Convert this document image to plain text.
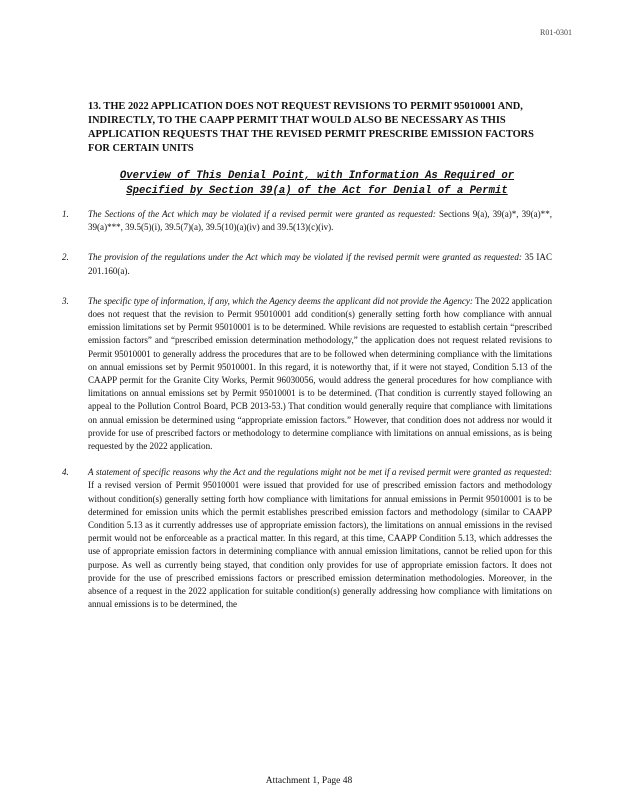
R01-0301

13. THE 2022 APPLICATION DOES NOT REQUEST REVISIONS TO PERMIT 95010001 AND, INDIRECTLY, TO THE CAAPP PERMIT THAT WOULD ALSO BE NECESSARY AS THIS APPLICATION REQUESTS THAT THE REVISED PERMIT PRESCRIBE EMISSION FACTORS FOR CERTAIN UNITS

Overview of This Denial Point, with Information As Required or Specified by Section 39(a) of the Act for Denial of a Permit

1. The Sections of the Act which may be violated if a revised permit were granted as requested: Sections 9(a), 39(a)*, 39(a)**, 39(a)***, 39.5(5)(i), 39.5(7)(a), 39.5(10)(a)(iv) and 39.5(13)(c)(iv).
2. The provision of the regulations under the Act which may be violated if the revised permit were granted as requested: 35 IAC 201.160(a).
3. The specific type of information, if any, which the Agency deems the applicant did not provide the Agency: The 2022 application does not request that the revision to Permit 95010001 add condition(s) generally setting forth how compliance with annual emission limitations set by Permit 95010001 is to be determined. While revisions are requested to establish certain “prescribed emission factors” and “prescribed emission determination methodology,” the application does not request related revisions to Permit 95010001 to generally address the procedures that are to be followed when determining compliance with the limitations on annual emissions set by Permit 95010001. In this regard, it is noteworthy that, if it were not stayed, Condition 5.13 of the CAAPP permit for the Granite City Works, Permit 96030056, would address the general procedures for how compliance with limitations on annual emissions set by Permit 95010001 is to be determined. (That condition is currently stayed following an appeal to the Pollution Control Board, PCB 2013-53.) That condition would generally require that compliance with limitations on annual emission be determined using “appropriate emission factors.” However, that condition does not address nor would it provide for use of prescribed factors or methodology to determine compliance with limitations on annual emissions, as is being requested by the 2022 application.
4. A statement of specific reasons why the Act and the regulations might not be met if a revised permit were granted as requested: If a revised version of Permit 95010001 were issued that provided for use of prescribed emission factors and methodology without condition(s) generally setting forth how compliance with limitations for annual emissions in Permit 95010001 is to be determined for emission units which the permit establishes prescribed emission factors and methodology (similar to CAAPP Condition 5.13 as it currently addresses use of appropriate emission factors), the limitations on annual emissions in the revised permit would not be enforceable as a practical matter. In this regard, at this time, CAAPP Condition 5.13, which addresses the use of appropriate emission factors in determining compliance with annual emission limitations, cannot be relied upon for this purpose. As well as currently being stayed, that condition only provides for use of appropriate emission factors. It does not provide for the use of prescribed emissions factors or prescribed emission determination methodologies. Moreover, in the absence of a request in the 2022 application for suitable condition(s) generally addressing how compliance with limitations on annual emissions is to be determined, the
Attachment 1, Page 48
